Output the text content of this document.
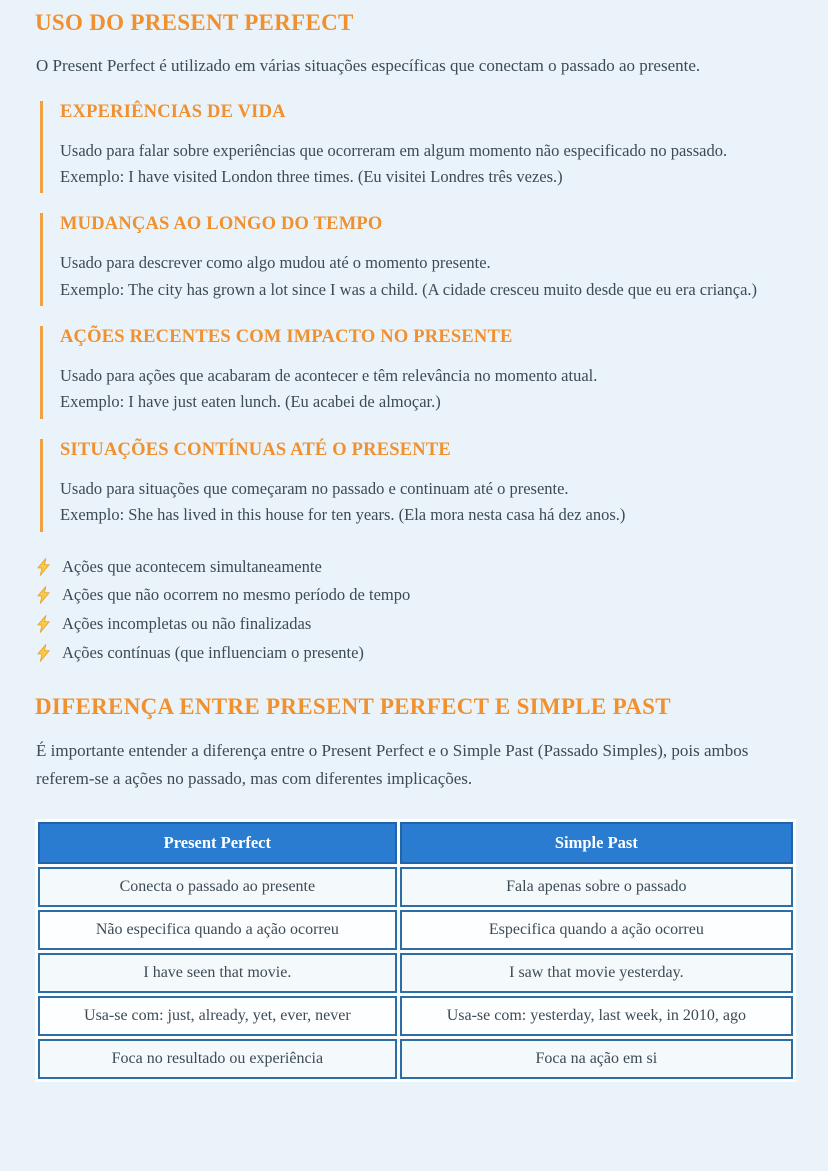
USO DO PRESENT PERFECT

O Present Perfect é utilizado em várias situações específicas que conectam o passado ao presente.

EXPERIÊNCIAS DE VIDA
Usado para falar sobre experiências que ocorreram em algum momento não especificado no passado.
Exemplo: I have visited London three times. (Eu visitei Londres três vezes.)
MUDANÇAS AO LONGO DO TEMPO
Usado para descrever como algo mudou até o momento presente.
Exemplo: The city has grown a lot since I was a child. (A cidade cresceu muito desde que eu era criança.)
AÇÕES RECENTES COM IMPACTO NO PRESENTE
Usado para ações que acabaram de acontecer e têm relevância no momento atual.
Exemplo: I have just eaten lunch. (Eu acabei de almoçar.)
SITUAÇÕES CONTÍNUAS ATÉ O PRESENTE
Usado para situações que começaram no passado e continuam até o presente.
Exemplo: She has lived in this house for ten years. (Ela mora nesta casa há dez anos.)
Ações que acontecem simultaneamente
Ações que não ocorrem no mesmo período de tempo
Ações incompletas ou não finalizadas
Ações contínuas (que influenciam o presente)
DIFERENÇA ENTRE PRESENT PERFECT E SIMPLE PAST

É importante entender a diferença entre o Present Perfect e o Simple Past (Passado Simples), pois ambos referem-se a ações no passado, mas com diferentes implicações.

Present Perfect	Simple Past
Conecta o passado ao presente	Fala apenas sobre o passado
Não especifica quando a ação ocorreu	Especifica quando a ação ocorreu
I have seen that movie.	I saw that movie yesterday.
Usa-se com: just, already, yet, ever, never	Usa-se com: yesterday, last week, in 2010, ago
Foca no resultado ou experiência	Foca na ação em si
